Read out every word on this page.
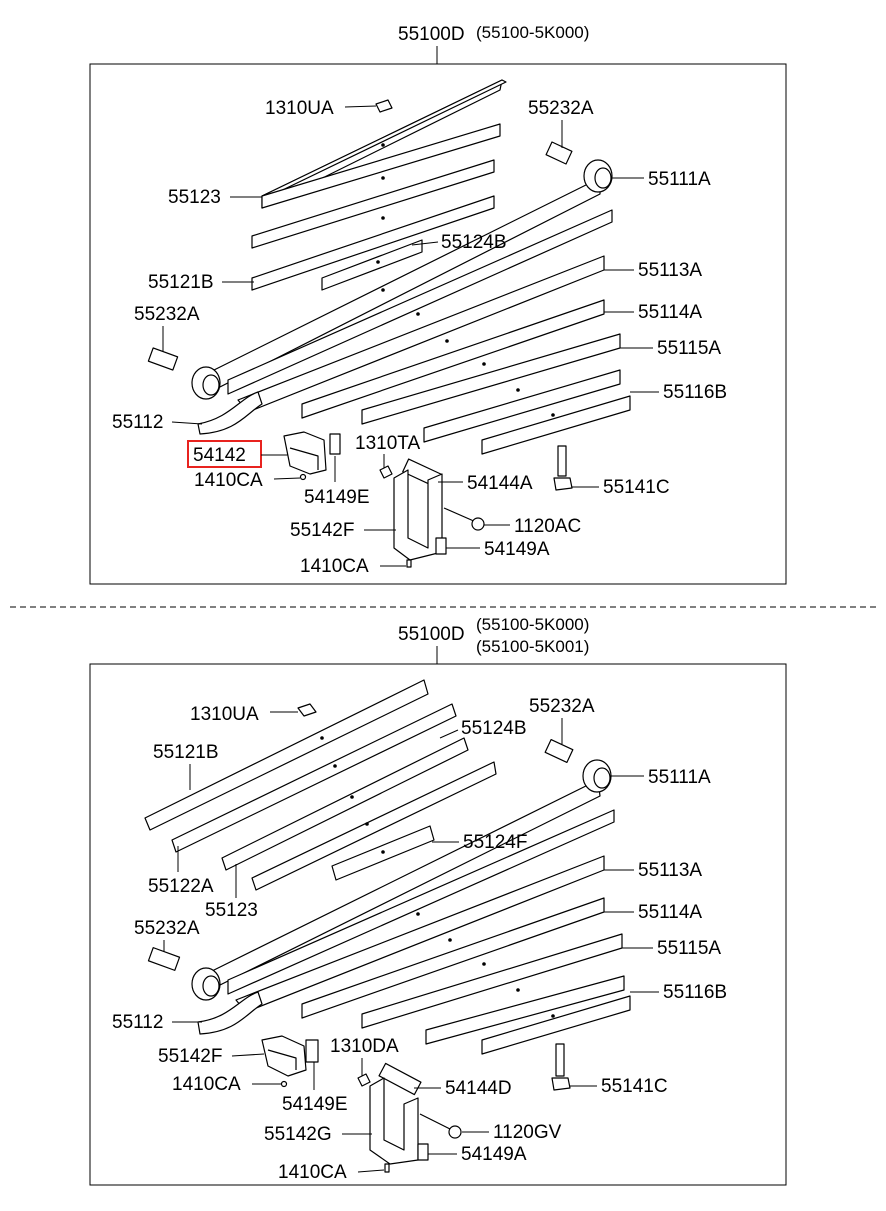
55100D (55100-5K000)
1310UA	55232A
55111A
55123
55124B
55121B
55113A
55232A	55114A
55115A
55112
55116B
54142
1310TA
1410CA	54144A	55141C
54149E
55142F	1120AC
54149A
1410CA
55100D (55100-5K000)
(55100-5K001)
1310UA	55232A
55121B
55124B
55111A
55124F
55122A
55113A
55123
55232A
55114A
55115A
55116B
55112
55142F	1310DA
1410CA	54144D	55141C
54149E
55142G	1120GV
54149A
1410CA
